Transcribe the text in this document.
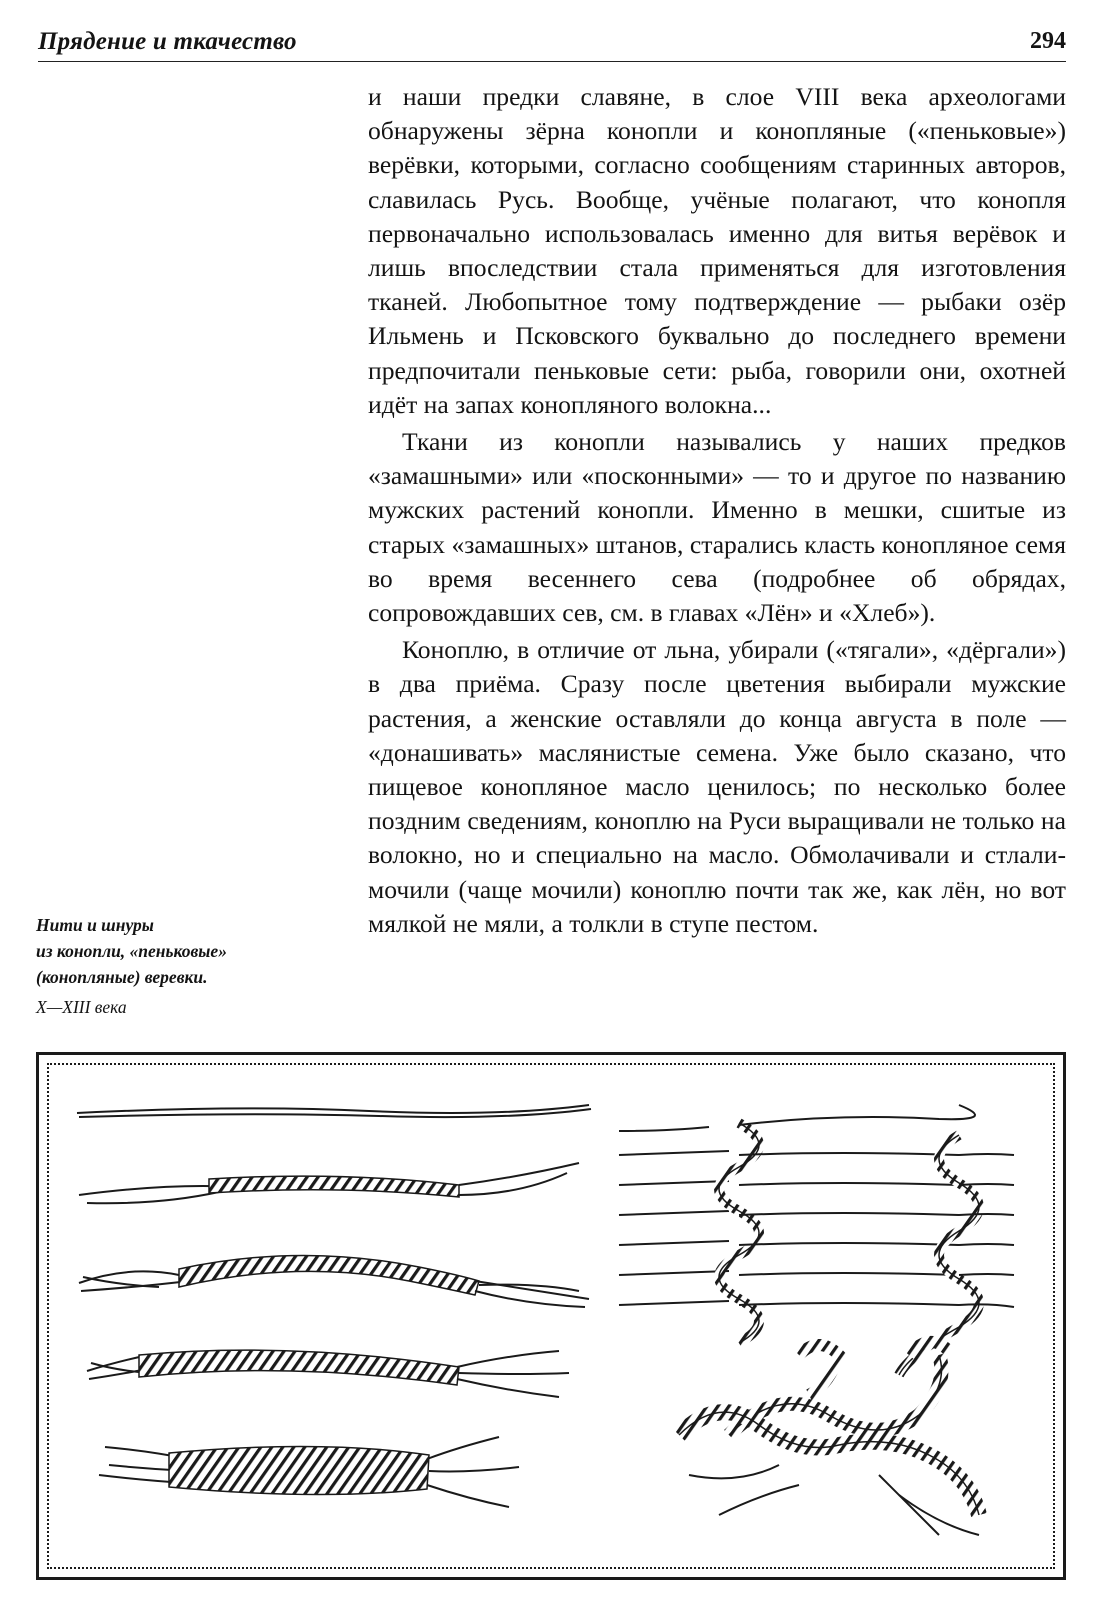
Прядение и ткачество	294

и наши предки славяне, в слое VIII века археологами обнаружены зёрна конопли и конопляные («пеньковые») верёвки, которыми, согласно сообщениям старинных авторов, славилась Русь. Вообще, учёные полагают, что конопля первоначально использовалась именно для витья верёвок и лишь впоследствии стала применяться для изготовления тканей. Любопытное тому подтверждение — рыбаки озёр Ильмень и Псковского буквально до последнего времени предпочитали пеньковые сети: рыба, говорили они, охотней идёт на запах конопляного волокна...

Ткани из конопли назывались у наших предков «замашными» или «посконными» — то и другое по названию мужских растений конопли. Именно в мешки, сшитые из старых «замашных» штанов, старались класть конопляное семя во время весеннего сева (подробнее об обрядах, сопровождавших сев, см. в главах «Лён» и «Хлеб»).

Коноплю, в отличие от льна, убирали («тягали», «дёргали») в два приёма. Сразу после цветения выбирали мужские растения, а женские оставляли до конца августа в поле — «донашивать» маслянистые семена. Уже было сказано, что пищевое конопляное масло ценилось; по несколько более поздним сведениям, коноплю на Руси выращивали не только на волокно, но и специально на масло. Обмолачивали и стлали-мочили (чаще мочили) коноплю почти так же, как лён, но вот мялкой не мяли, а толкли в ступе пестом.

Нити и шнуры
из конопли, «пеньковые»
(конопляные) веревки.
X—XIII века
